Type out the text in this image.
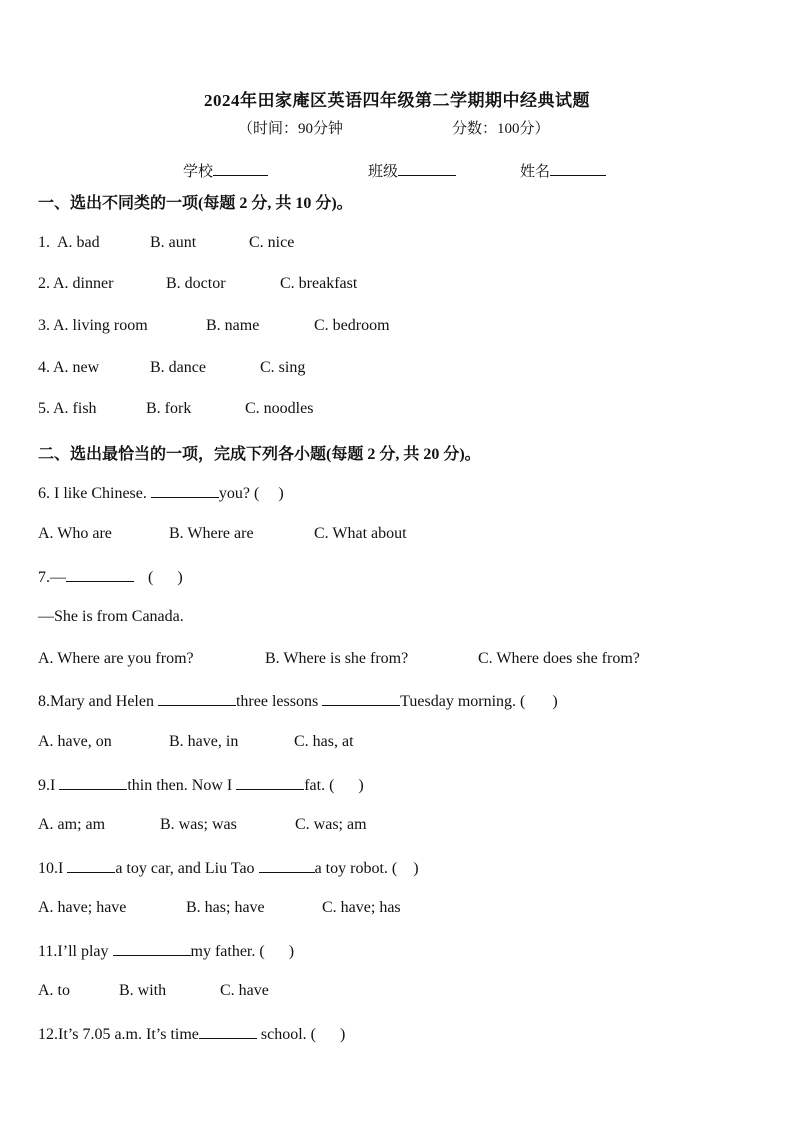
2024年田家庵区英语四年级第二学期期中经典试题
（时间：90分钟	分数：100分）
学校	班级	姓名
一、选出不同类的一项(每题 2 分, 共 10 分)。
1. A. bad	B. aunt	C. nice
2. A. dinner	B. doctor	C. breakfast
3. A. living room	B. name	C. bedroom
4. A. new	B. dance	C. sing
5. A. fish	B. fork	C. noodles
二、选出最恰当的一项，完成下列各小题(每题 2 分, 共 20 分)。
6. I like Chinese.	you? ( )
A. Who are	B. Where are	C. What about
7.—	( )
—She is from Canada.
A. Where are you from?	B. Where is she from?	C. Where does she from?
8.Mary and Helen	three lessons	Tuesday morning. ( )
A. have, on	B. have, in	C. has, at
9.I	thin then. Now I	fat. ( )
A. am; am	B. was; was	C. was; am
10.I	a toy car, and Liu Tao	a toy robot. ( )
A. have; have	B. has; have	C. have; has
11.I’ll play	my father. ( )
A. to	B. with	C. have
12.It’s 7.05 a.m. It’s time	school. ( )
